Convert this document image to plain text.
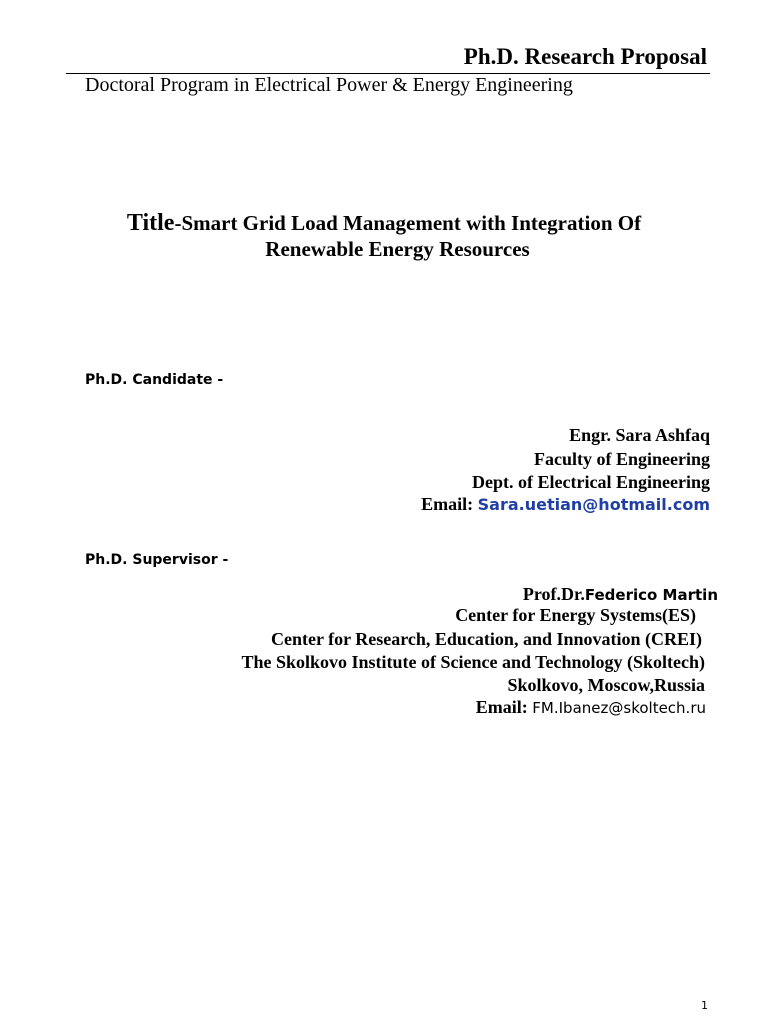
Ph.D. Research Proposal
Doctoral Program in Electrical Power & Energy Engineering
Title-Smart Grid Load Management with Integration Of
Renewable Energy Resources
Ph.D. Candidate -
Engr. Sara Ashfaq
Faculty of Engineering
Dept. of Electrical Engineering
Email: Sara.uetian@hotmail.com
Ph.D. Supervisor -
Prof.Dr.Federico Martin
Center for Energy Systems(ES)
Center for Research, Education, and Innovation (CREI)
The Skolkovo Institute of Science and Technology (Skoltech)
Skolkovo, Moscow,Russia
Email: FM.Ibanez@skoltech.ru
1
